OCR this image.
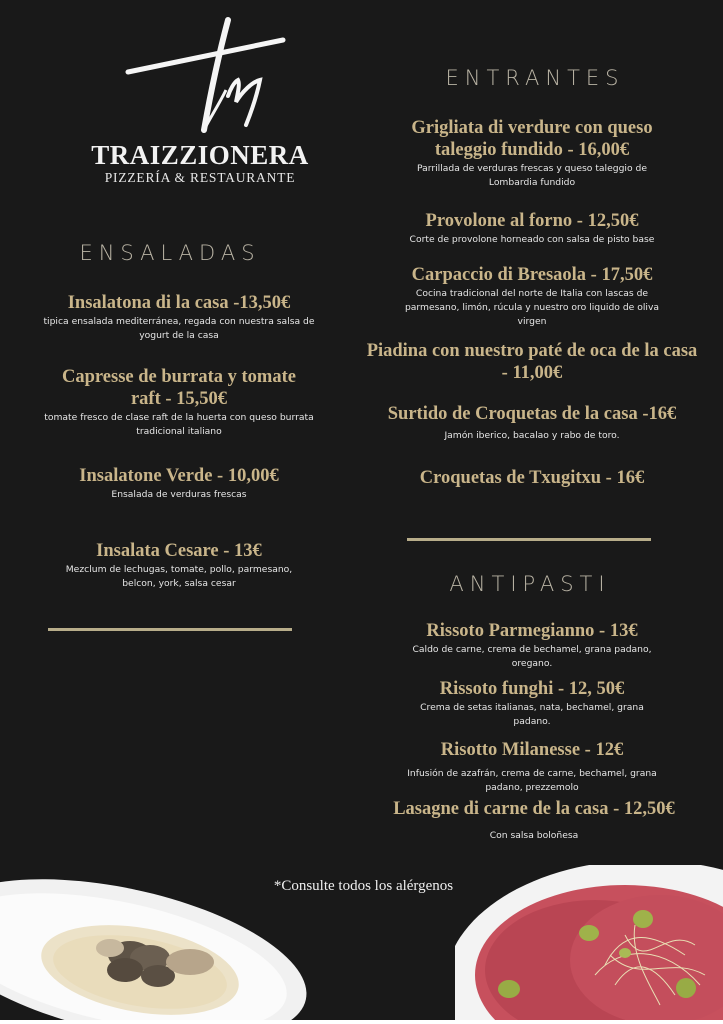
TRAIZZIONERA
PIZZERÍA & RESTAURANTE
ENTRANTES
Grigliata di verdure con queso taleggio fundido - 16,00€
Parrillada de verduras frescas y queso taleggio de Lombardia fundido
Provolone al forno - 12,50€
Corte de provolone horneado con salsa de pisto base
Carpaccio di Bresaola - 17,50€
Cocina tradicional del norte de Italia con lascas de parmesano, limón, rúcula y nuestro oro liquido de oliva virgen
Piadina con nuestro paté de oca de la casa - 11,00€
Surtido de Croquetas de la casa -16€
Jamón iberico, bacalao y rabo de toro.
Croquetas de Txugitxu - 16€
ANTIPASTI
Rissoto Parmegianno - 13€
Caldo de carne, crema de bechamel, grana padano, oregano.
Rissoto funghi - 12, 50€
Crema de setas italianas, nata, bechamel, grana padano.
Risotto Milanesse - 12€
Infusión de azafrán, crema de carne, bechamel, grana padano, prezzemolo
Lasagne di carne de la casa - 12,50€
Con salsa boloñesa
ENSALADAS
Insalatona di la casa -13,50€
tipica ensalada mediterránea, regada con nuestra salsa de yogurt de la casa
Capresse de burrata y tomate raft - 15,50€
tomate fresco de clase raft de la huerta con queso burrata tradicional italiano
Insalatone Verde - 10,00€
Ensalada de verduras frescas
Insalata Cesare - 13€
Mezclum de lechugas, tomate, pollo, parmesano, belcon, york, salsa cesar
*Consulte todos los alérgenos
